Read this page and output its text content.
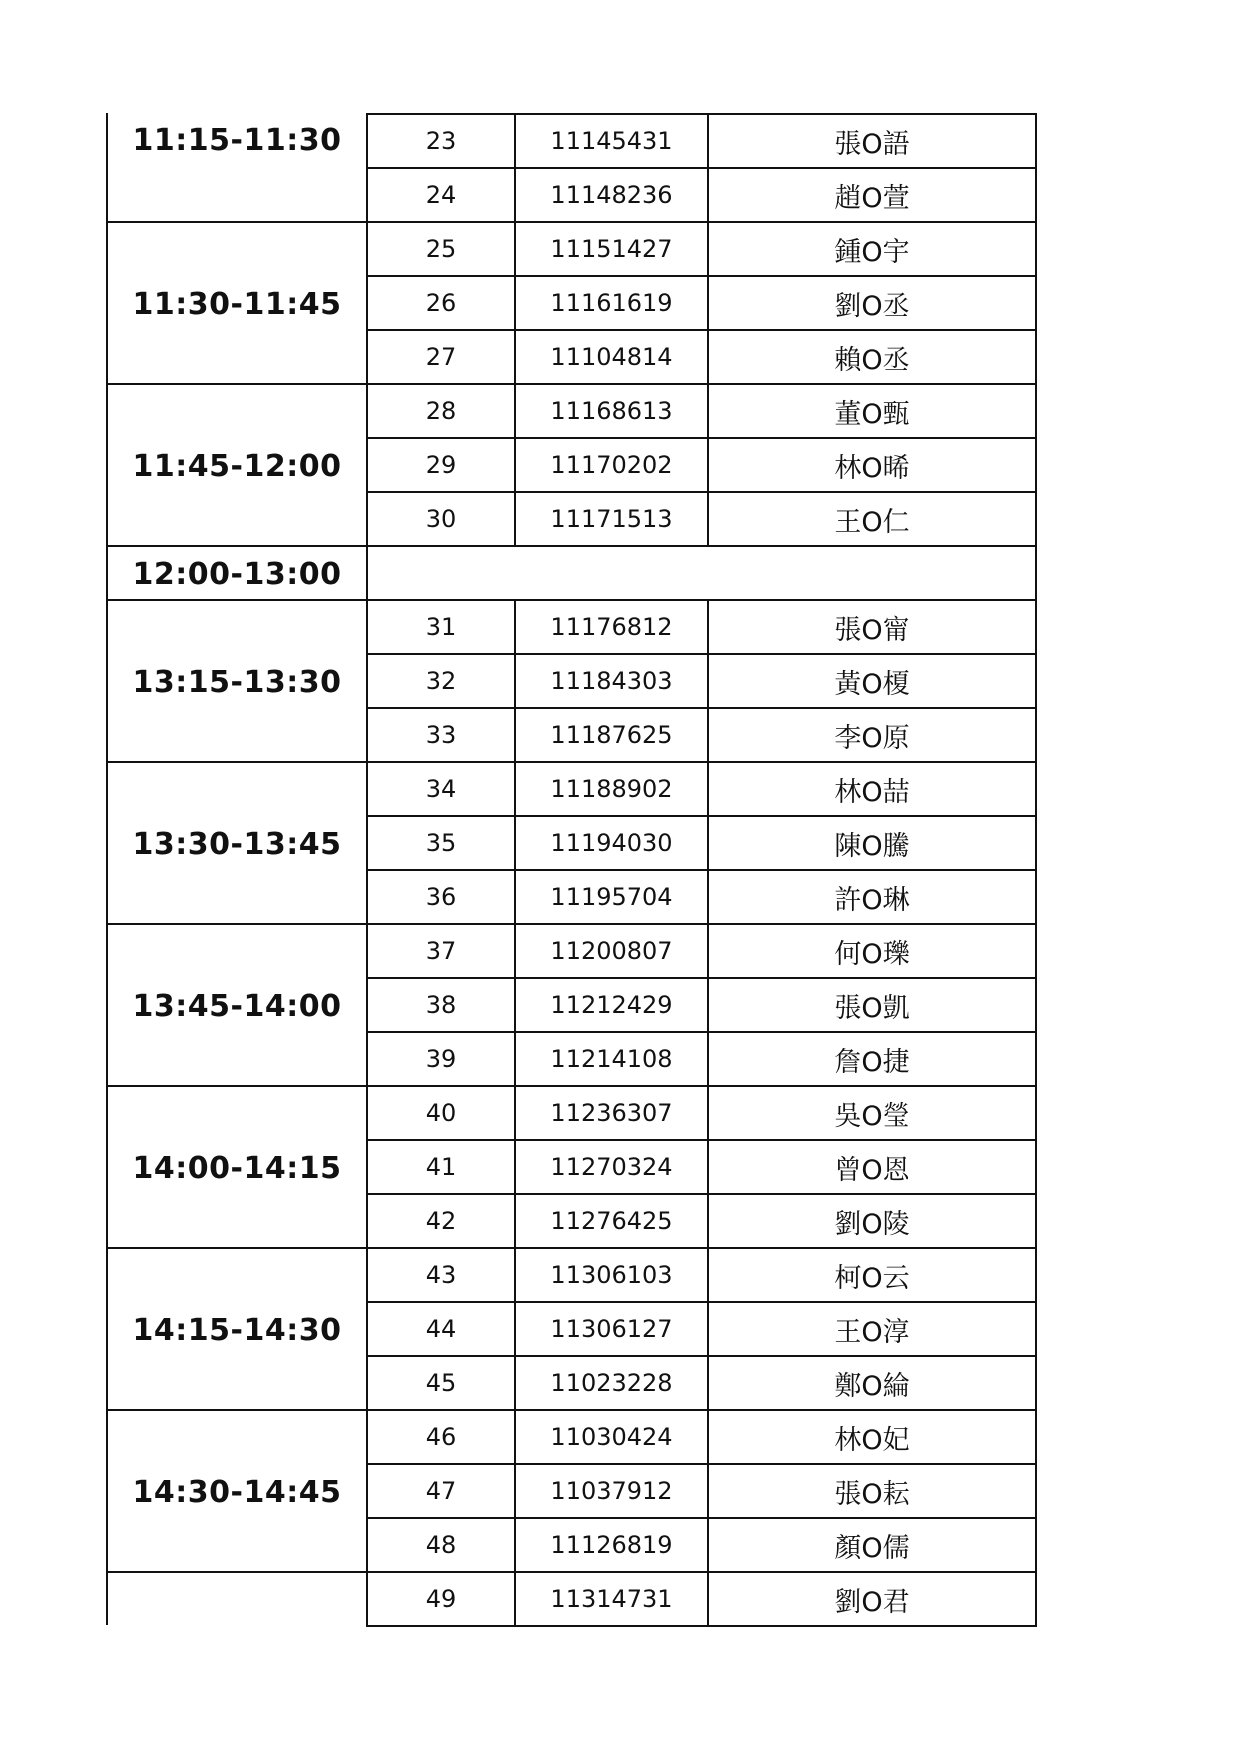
11:15-11:30	23	11145431	張O語
24	11148236	趙O萱
11:30-11:45
25	11151427	鍾O宇
26	11161619	劉O丞
27	11104814	賴O丞
11:45-12:00
28	11168613	董O甄
29	11170202	林O晞
30	11171513	王O仁
12:00-13:00
13:15-13:30
31	11176812	張O甯
32	11184303	黃O榎
33	11187625	李O原
13:30-13:45
34	11188902	林O喆
35	11194030	陳O騰
36	11195704	許O琳
13:45-14:00
37	11200807	何O瓅
38	11212429	張O凱
39	11214108	詹O捷
14:00-14:15
40	11236307	吳O瑩
41	11270324	曾O恩
42	11276425	劉O陵
14:15-14:30
43	11306103	柯O云
44	11306127	王O淳
45	11023228	鄭O綸
14:30-14:45
46	11030424	林O妃
47	11037912	張O耘
48	11126819	顏O儒
49	11314731	劉O君
